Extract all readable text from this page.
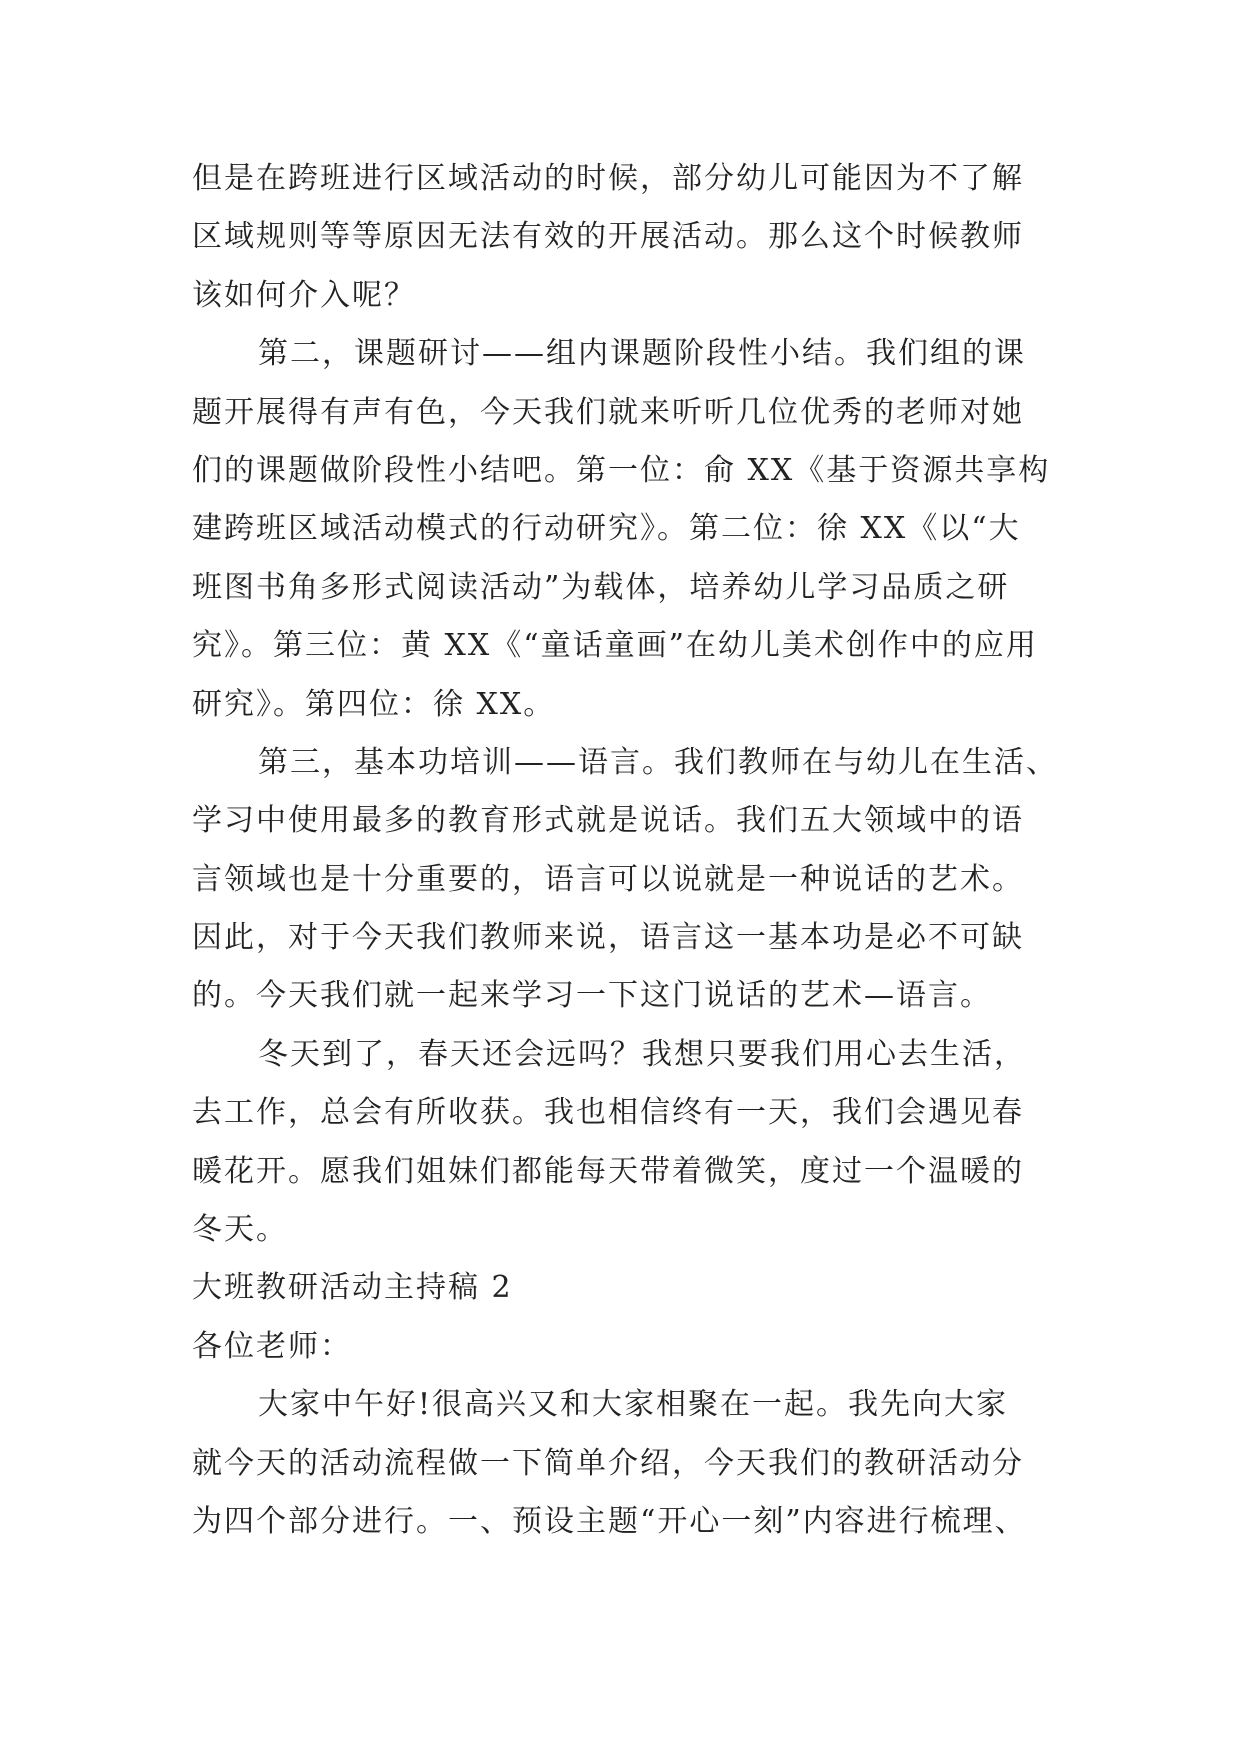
但是在跨班进行区域活动的时候，部分幼儿可能因为不了解
区域规则等等原因无法有效的开展活动。那么这个时候教师
该如何介入呢？
第二，课题研讨——组内课题阶段性小结。我们组的课
题开展得有声有色，今天我们就来听听几位优秀的老师对她
们的课题做阶段性小结吧。第一位：俞 XX《基于资源共享构
建跨班区域活动模式的行动研究》。第二位：徐 XX《以“大
班图书角多形式阅读活动”为载体，培养幼儿学习品质之研
究》。第三位：黄 XX《“童话童画”在幼儿美术创作中的应用
研究》。第四位：徐 XX。
第三，基本功培训——语言。我们教师在与幼儿在生活、
学习中使用最多的教育形式就是说话。我们五大领域中的语
言领域也是十分重要的，语言可以说就是一种说话的艺术。
因此，对于今天我们教师来说，语言这一基本功是必不可缺
的。今天我们就一起来学习一下这门说话的艺术—语言。
冬天到了，春天还会远吗？我想只要我们用心去生活，
去工作，总会有所收获。我也相信终有一天，我们会遇见春
暖花开。愿我们姐妹们都能每天带着微笑，度过一个温暖的
冬天。
大班教研活动主持稿 2
各位老师：
大家中午好!很高兴又和大家相聚在一起。我先向大家
就今天的活动流程做一下简单介绍，今天我们的教研活动分
为四个部分进行。一、预设主题“开心一刻”内容进行梳理、
